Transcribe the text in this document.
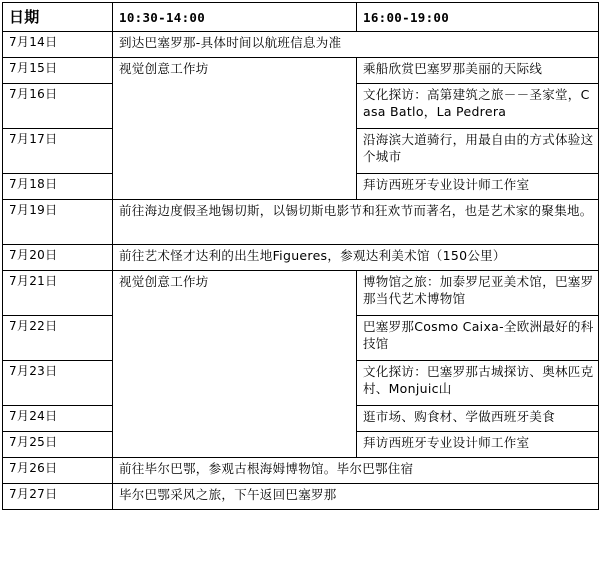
日期	10:30-14:00	16:00-19:00
7月14日	到达巴塞罗那-具体时间以航班信息为准	
7月15日	视觉创意工作坊	乘船欣赏巴塞罗那美丽的天际线
7月16日		文化探访：高第建筑之旅－－圣家堂，Casa Batlo，La Pedrera
7月17日		沿海滨大道骑行，用最自由的方式体验这个城市
7月18日		拜访西班牙专业设计师工作室
7月19日	前往海边度假圣地锡切斯，以锡切斯电影节和狂欢节而著名，也是艺术家的聚集地。	
7月20日	前往艺术怪才达利的出生地Figueres，参观达利美术馆（150公里）	
7月21日	视觉创意工作坊	博物馆之旅：加泰罗尼亚美术馆，巴塞罗那当代艺术博物馆
7月22日		巴塞罗那Cosmo Caixa-全欧洲最好的科技馆
7月23日		文化探访：巴塞罗那古城探访、奥林匹克村、Monjuic山
7月24日		逛市场、购食材、学做西班牙美食
7月25日		拜访西班牙专业设计师工作室
7月26日	前往毕尔巴鄂，参观古根海姆博物馆。毕尔巴鄂住宿	
7月27日	毕尔巴鄂采风之旅，下午返回巴塞罗那	
